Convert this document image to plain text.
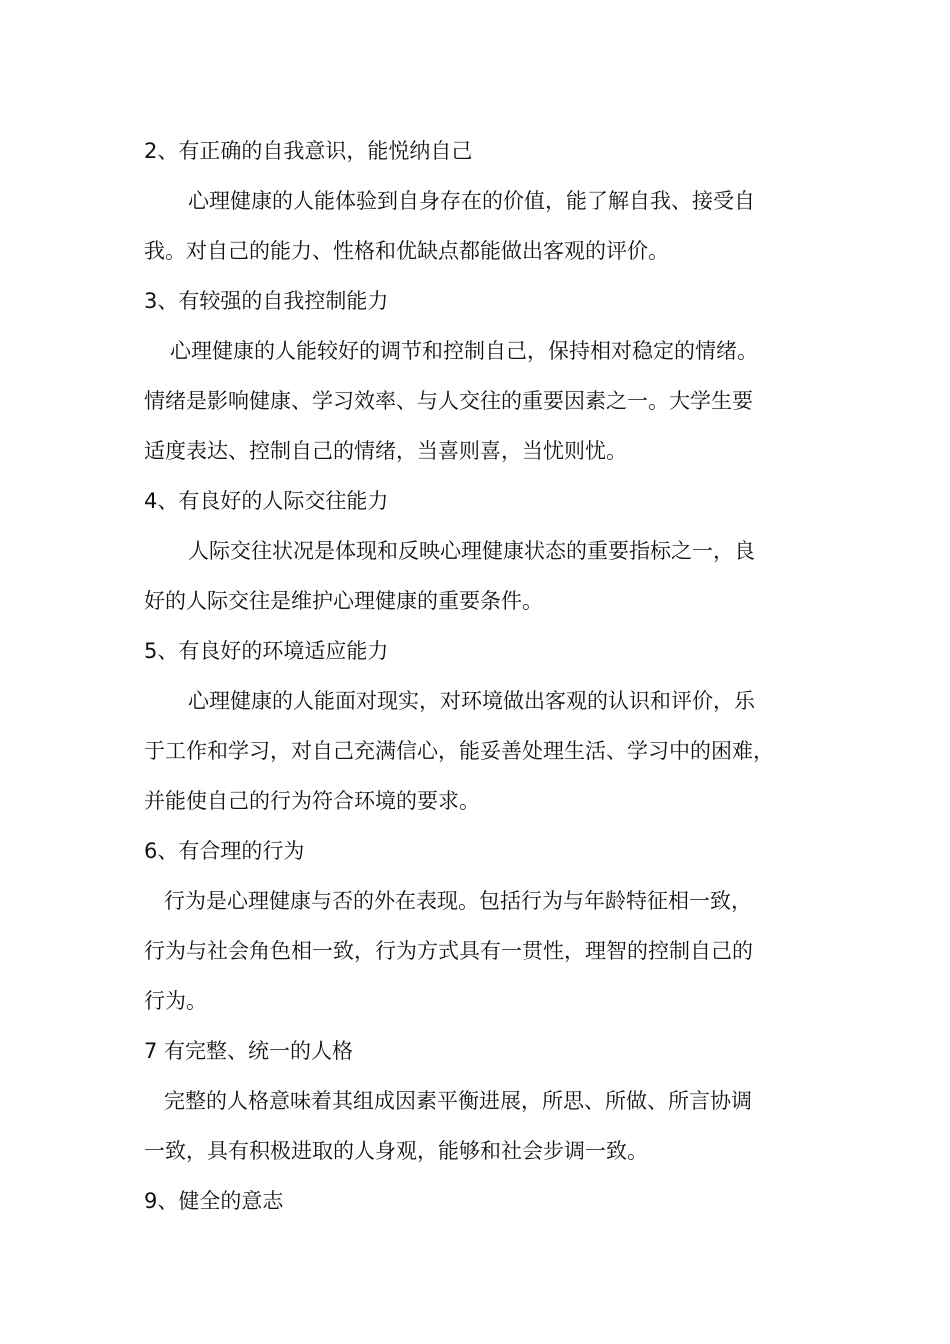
2、有正确的自我意识，能悦纳自己
心理健康的人能体验到自身存在的价值，能了解自我、接受自
我。对自己的能力、性格和优缺点都能做出客观的评价。
3、有较强的自我控制能力
心理健康的人能较好的调节和控制自己，保持相对稳定的情绪。
情绪是影响健康、学习效率、与人交往的重要因素之一。大学生要
适度表达、控制自己的情绪，当喜则喜，当忧则忧。
4、有良好的人际交往能力
人际交往状况是体现和反映心理健康状态的重要指标之一，良
好的人际交往是维护心理健康的重要条件。
5、有良好的环境适应能力
心理健康的人能面对现实，对环境做出客观的认识和评价，乐
于工作和学习，对自己充满信心，能妥善处理生活、学习中的困难，
并能使自己的行为符合环境的要求。
6、有合理的行为
行为是心理健康与否的外在表现。包括行为与年龄特征相一致，
行为与社会角色相一致，行为方式具有一贯性，理智的控制自己的
行为。
7 有完整、统一的人格
完整的人格意味着其组成因素平衡进展，所思、所做、所言协调
一致，具有积极进取的人身观，能够和社会步调一致。
9、健全的意志
